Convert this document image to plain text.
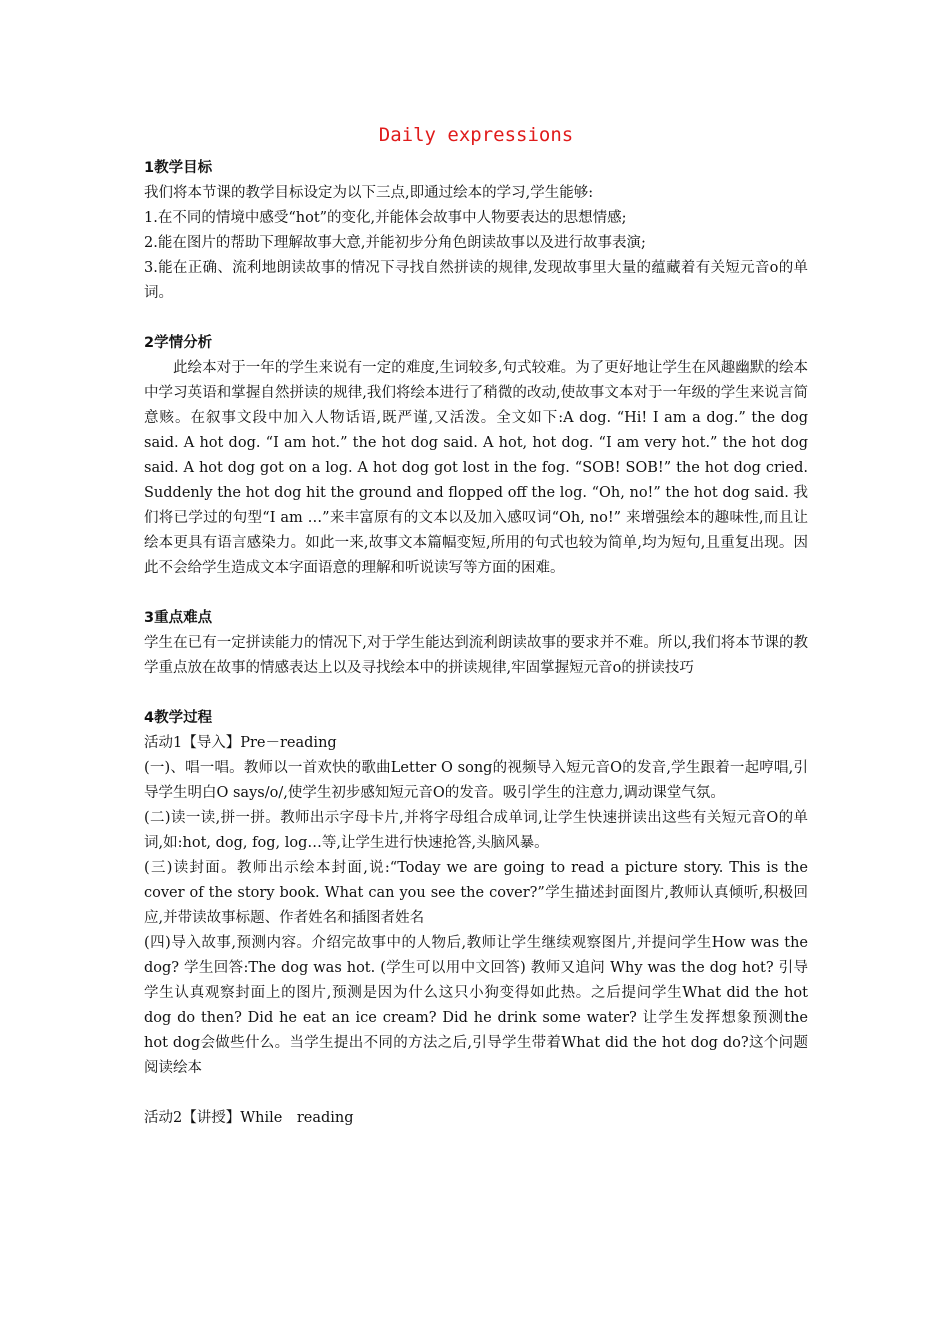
Daily expressions
1教学目标

我们将本节课的教学目标设定为以下三点,即通过绘本的学习,学生能够:

1.在不同的情境中感受“hot”的变化,并能体会故事中人物要表达的思想情感;

2.能在图片的帮助下理解故事大意,并能初步分角色朗读故事以及进行故事表演;

3.能在正确、流利地朗读故事的情况下寻找自然拼读的规律,发现故事里大量的蕴藏着有关短元音o的单词。

2学情分析

此绘本对于一年的学生来说有一定的难度,生词较多,句式较难。为了更好地让学生在风趣幽默的绘本中学习英语和掌握自然拼读的规律,我们将绘本进行了稍微的改动,使故事文本对于一年级的学生来说言简意赅。在叙事文段中加入人物话语,既严谨,又活泼。全文如下:A dog. “Hi! I am a dog.” the dog said. A hot dog. “I am hot.” the hot dog said. A hot, hot dog. “I am very hot.” the hot dog said. A hot dog got on a log. A hot dog got lost in the fog. “SOB! SOB!” the hot dog cried. Suddenly the hot dog hit the ground and flopped off the log. “Oh, no!” the hot dog said. 我们将已学过的句型“I am …”来丰富原有的文本以及加入感叹词“Oh, no!” 来增强绘本的趣味性,而且让绘本更具有语言感染力。如此一来,故事文本篇幅变短,所用的句式也较为简单,均为短句,且重复出现。因此不会给学生造成文本字面语意的理解和听说读写等方面的困难。

3重点难点

学生在已有一定拼读能力的情况下,对于学生能达到流利朗读故事的要求并不难。所以,我们将本节课的教学重点放在故事的情感表达上以及寻找绘本中的拼读规律,牢固掌握短元音o的拼读技巧

4教学过程

活动1【导入】Pre－reading

(一)、唱一唱。教师以一首欢快的歌曲Letter O song的视频导入短元音O的发音,学生跟着一起哼唱,引导学生明白O says/o/,使学生初步感知短元音O的发音。吸引学生的注意力,调动课堂气氛。

(二)读一读,拼一拼。教师出示字母卡片,并将字母组合成单词,让学生快速拼读出这些有关短元音O的单词,如:hot, dog, fog, log…等,让学生进行快速抢答,头脑风暴。

(三)读封面。教师出示绘本封面,说:“Today we are going to read a picture story. This is the cover of the story book. What can you see the cover?”学生描述封面图片,教师认真倾听,积极回应,并带读故事标题、作者姓名和插图者姓名

(四)导入故事,预测内容。介绍完故事中的人物后,教师让学生继续观察图片,并提问学生How was the dog? 学生回答:The dog was hot. (学生可以用中文回答) 教师又追问 Why was the dog hot? 引导学生认真观察封面上的图片,预测是因为什么这只小狗变得如此热。之后提问学生What did the hot dog do then? Did he eat an ice cream? Did he drink some water? 让学生发挥想象预测the hot dog会做些什么。当学生提出不同的方法之后,引导学生带着What did the hot dog do?这个问题阅读绘本

活动2【讲授】While　reading
